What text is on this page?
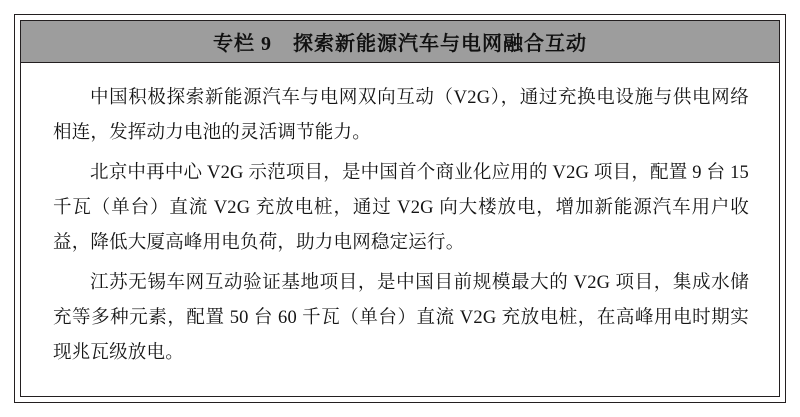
专栏 9　探索新能源汽车与电网融合互动

中国积极探索新能源汽车与电网双向互动（V2G），通过充换电设施与供电网络相连，发挥动力电池的灵活调节能力。

北京中再中心 V2G 示范项目，是中国首个商业化应用的 V2G 项目，配置 9 台 15 千瓦（单台）直流 V2G 充放电桩，通过 V2G 向大楼放电，增加新能源汽车用户收益，降低大厦高峰用电负荷，助力电网稳定运行。

江苏无锡车网互动验证基地项目，是中国目前规模最大的 V2G 项目，集成水储充等多种元素，配置 50 台 60 千瓦（单台）直流 V2G 充放电桩，在高峰用电时期实现兆瓦级放电。
